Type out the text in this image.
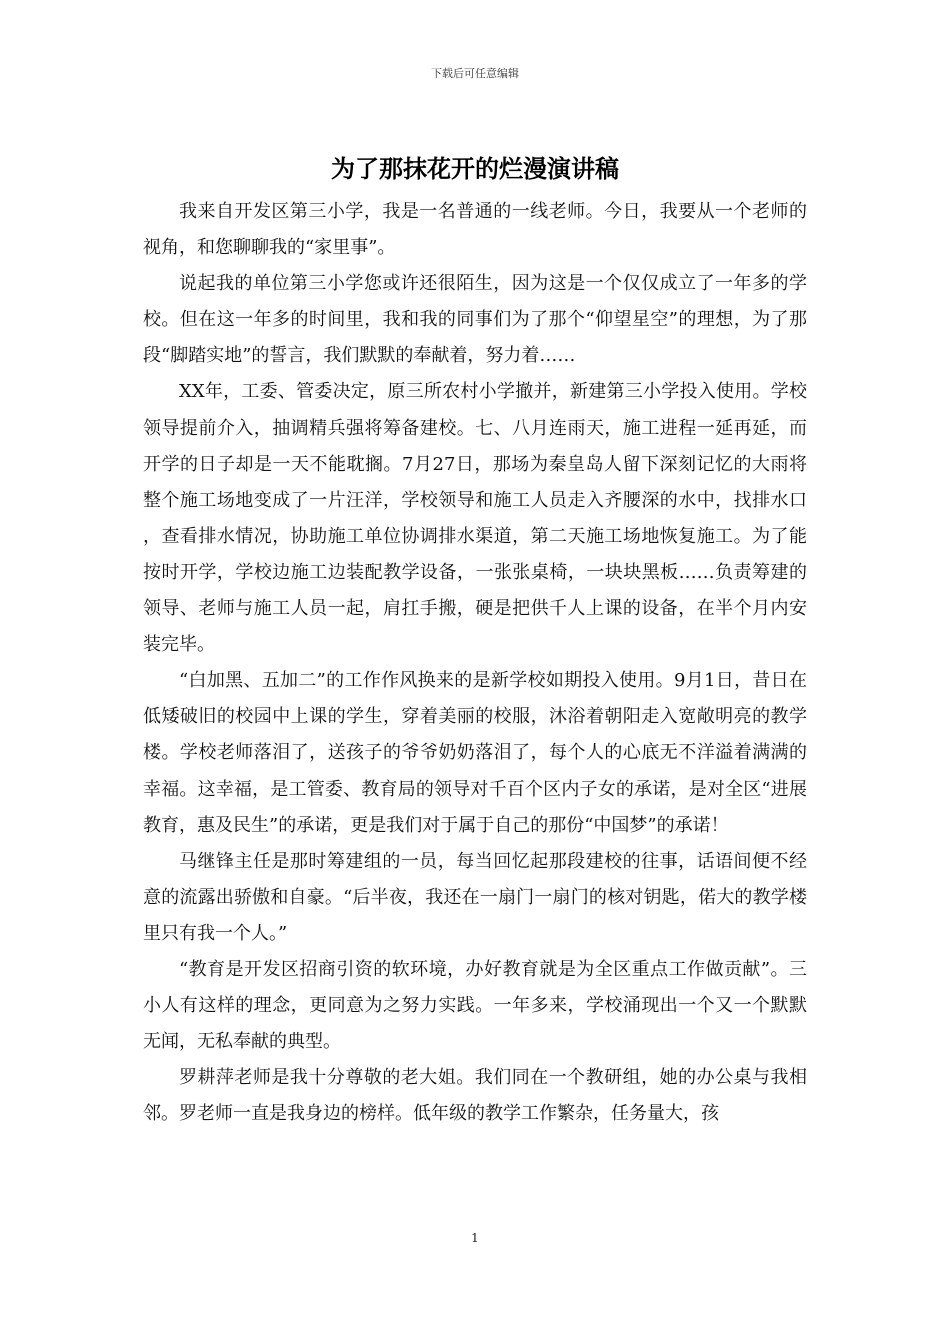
下载后可任意编辑
为了那抹花开的烂漫演讲稿

我来自开发区第三小学，我是一名普通的一线老师。今日，我要从一个老师的视角，和您聊聊我的“家里事”。

说起我的单位第三小学您或许还很陌生，因为这是一个仅仅成立了一年多的学校。但在这一年多的时间里，我和我的同事们为了那个“仰望星空”的理想，为了那段“脚踏实地”的誓言，我们默默的奉献着，努力着……

XX年，工委、管委决定，原三所农村小学撤并，新建第三小学投入使用。学校领导提前介入，抽调精兵强将筹备建校。七、八月连雨天，施工进程一延再延，而开学的日子却是一天不能耽搁。7月27日，那场为秦皇岛人留下深刻记忆的大雨将整个施工场地变成了一片汪洋，学校领导和施工人员走入齐腰深的水中，找排水口，查看排水情况，协助施工单位协调排水渠道，第二天施工场地恢复施工。为了能按时开学，学校边施工边装配教学设备，一张张桌椅，一块块黑板……负责筹建的领导、老师与施工人员一起，肩扛手搬，硬是把供千人上课的设备，在半个月内安装完毕。

“白加黑、五加二”的工作作风换来的是新学校如期投入使用。9月1日，昔日在低矮破旧的校园中上课的学生，穿着美丽的校服，沐浴着朝阳走入宽敞明亮的教学楼。学校老师落泪了，送孩子的爷爷奶奶落泪了，每个人的心底无不洋溢着满满的幸福。这幸福，是工管委、教育局的领导对千百个区内子女的承诺，是对全区“进展教育，惠及民生”的承诺，更是我们对于属于自己的那份“中国梦”的承诺！

马继锋主任是那时筹建组的一员，每当回忆起那段建校的往事，话语间便不经意的流露出骄傲和自豪。“后半夜，我还在一扇门一扇门的核对钥匙，偌大的教学楼里只有我一个人。”

“教育是开发区招商引资的软环境，办好教育就是为全区重点工作做贡献”。三小人有这样的理念，更同意为之努力实践。一年多来，学校涌现出一个又一个默默无闻，无私奉献的典型。

罗耕萍老师是我十分尊敬的老大姐。我们同在一个教研组，她的办公桌与我相邻。罗老师一直是我身边的榜样。低年级的教学工作繁杂，任务量大，孩

1
